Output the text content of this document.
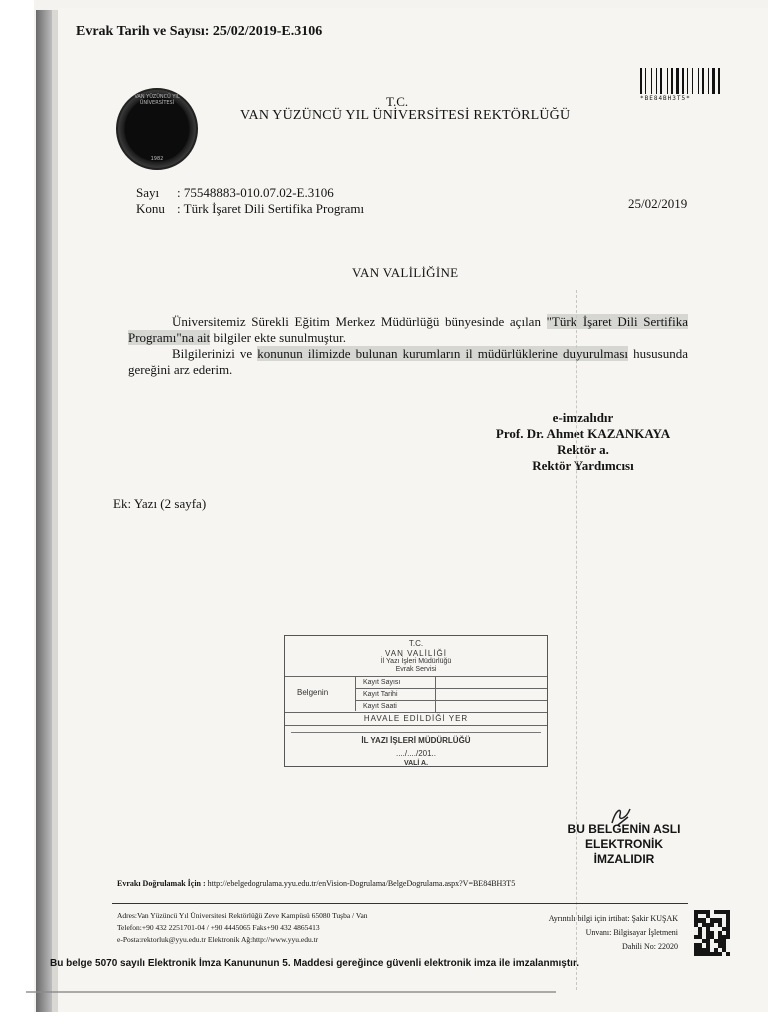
Evrak Tarih ve Sayısı: 25/02/2019-E.3106
*BE84BH3T5*
VAN YÜZÜNCÜ YIL ÜNİVERSİTESİ
1982
T.C.
VAN YÜZÜNCÜ YIL ÜNİVERSİTESİ REKTÖRLÜĞÜ
Sayı : 75548883-010.07.02-E.3106
Konu : Türk İşaret Dili Sertifika Programı	25/02/2019
VAN VALİLİĞİNE

Üniversitemiz Sürekli Eğitim Merkez Müdürlüğü bünyesinde açılan "Türk İşaret Dili Sertifika Programı"na ait bilgiler ekte sunulmuştur.

Bilgilerinizi ve konunun ilimizde bulunan kurumların il müdürlüklerine duyurulması hususunda gereğini arz ederim.

e-imzalıdır
Prof. Dr. Ahmet KAZANKAYA
Rektör a.
Rektör Yardımcısı
Ek: Yazı (2 sayfa)
T.C.
VAN VALİLİĞİ
İl Yazı İşleri Müdürlüğü
Evrak Servisi
Belgenin
Kayıt Sayısı
Kayıt Tarihi
Kayıt Saati
HAVALE EDİLDİĞİ YER
İL YAZI İŞLERİ MÜDÜRLÜĞÜ
..../..../201..
VALİ A.
BU BELGENİN ASLI
ELEKTRONİK İMZALIDIR
Evrakı Doğrulamak İçin : http://ebelgedogrulama.yyu.edu.tr/enVision-Dogrulama/BelgeDogrulama.aspx?V=BE84BH3T5
Adres:Van Yüzüncü Yıl Üniversitesi Rektörlüğü Zeve Kampüsü 65080 Tuşba / Van
Telefon:+90 432 2251701-04 / +90 4445065 Faks+90 432 4865413
e-Posta:rektorluk@yyu.edu.tr Elektronik Ağ:http://www.yyu.edu.tr
Ayrıntılı bilgi için irtibat: Şakir KUŞAK
Unvanı: Bilgisayar İşletmeni
Dahili No: 22020
Bu belge 5070 sayılı Elektronik İmza Kanununun 5. Maddesi gereğince güvenli elektronik imza ile imzalanmıştır.
